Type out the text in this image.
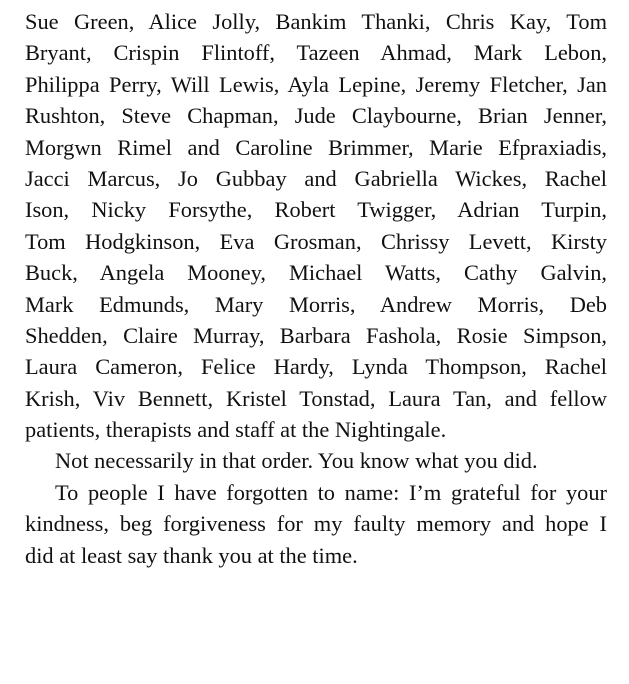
Sue Green, Alice Jolly, Bankim Thanki, Chris Kay, Tom
Bryant, Crispin Flintoff, Tazeen Ahmad, Mark Lebon,
Philippa Perry, Will Lewis, Ayla Lepine, Jeremy Fletcher, Jan
Rushton, Steve Chapman, Jude Claybourne, Brian Jenner,
Morgwn Rimel and Caroline Brimmer, Marie Efpraxiadis,
Jacci Marcus, Jo Gubbay and Gabriella Wickes, Rachel
Ison, Nicky Forsythe, Robert Twigger, Adrian Turpin,
Tom Hodgkinson, Eva Grosman, Chrissy Levett, Kirsty
Buck, Angela Mooney, Michael Watts, Cathy Galvin,
Mark Edmunds, Mary Morris, Andrew Morris, Deb
Shedden, Claire Murray, Barbara Fashola, Rosie Simpson,
Laura Cameron, Felice Hardy, Lynda Thompson, Rachel
Krish, Viv Bennett, Kristel Tonstad, Laura Tan, and fellow
patients, therapists and staff at the Nightingale.
Not necessarily in that order. You know what you did.
To people I have forgotten to name: I’m grateful for your
kindness, beg forgiveness for my faulty memory and hope I
did at least say thank you at the time.
